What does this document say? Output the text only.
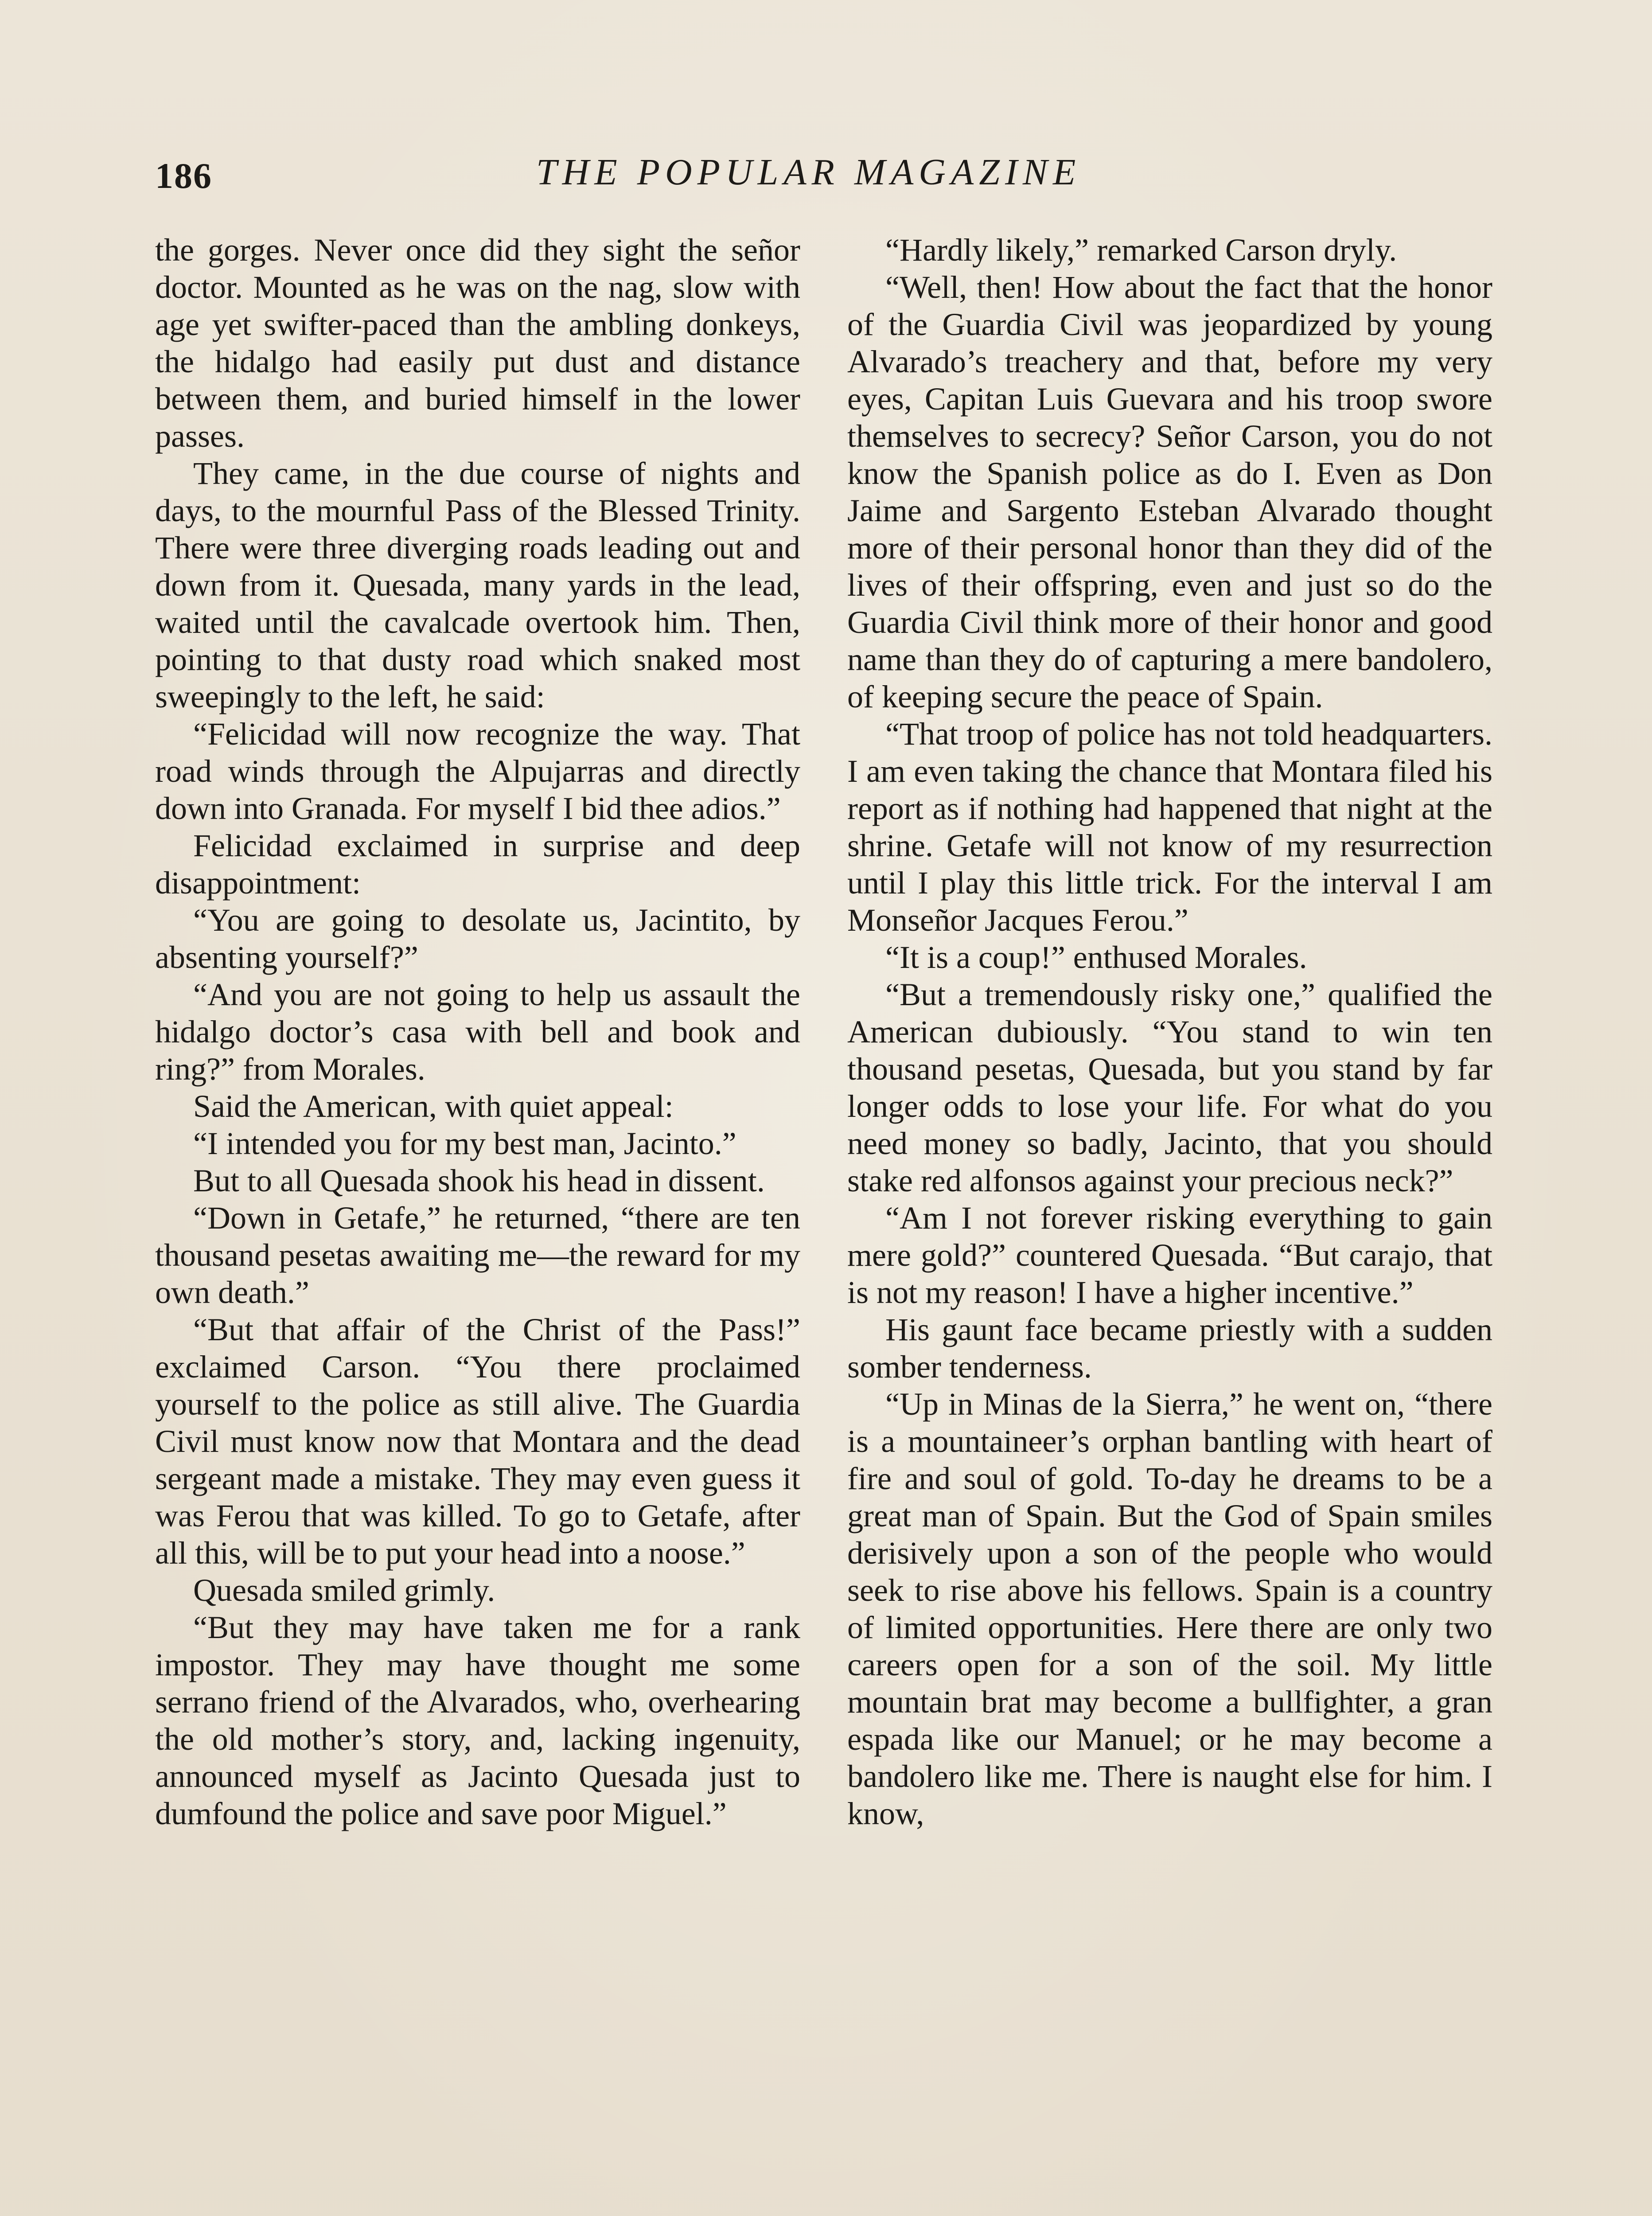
186	THE POPULAR MAGAZINE

the gorges. Never once did they sight the señor doctor. Mounted as he was on the nag, slow with age yet swifter-paced than the ambling donkeys, the hidalgo had easily put dust and distance between them, and buried himself in the lower passes.

They came, in the due course of nights and days, to the mournful Pass of the Blessed Trinity. There were three diverging roads leading out and down from it. Quesada, many yards in the lead, waited until the cavalcade overtook him. Then, pointing to that dusty road which snaked most sweepingly to the left, he said:

“Felicidad will now recognize the way. That road winds through the Alpujarras and directly down into Granada. For myself I bid thee adios.”

Felicidad exclaimed in surprise and deep disappointment:

“You are going to desolate us, Jacintito, by absenting yourself?”

“And you are not going to help us assault the hidalgo doctor’s casa with bell and book and ring?” from Morales.

Said the American, with quiet appeal:

“I intended you for my best man, Jacinto.”

But to all Quesada shook his head in dissent.

“Down in Getafe,” he returned, “there are ten thousand pesetas awaiting me—the reward for my own death.”

“But that affair of the Christ of the Pass!” exclaimed Carson. “You there proclaimed yourself to the police as still alive. The Guardia Civil must know now that Montara and the dead sergeant made a mistake. They may even guess it was Ferou that was killed. To go to Getafe, after all this, will be to put your head into a noose.”

Quesada smiled grimly.

“But they may have taken me for a rank impostor. They may have thought me some serrano friend of the Alvarados, who, overhearing the old mother’s story, and, lacking ingenuity, announced myself as Jacinto Quesada just to dumfound the police and save poor Miguel.”

“Hardly likely,” remarked Carson dryly.

“Well, then! How about the fact that the honor of the Guardia Civil was jeopardized by young Alvarado’s treachery and that, before my very eyes, Capitan Luis Guevara and his troop swore themselves to secrecy? Señor Carson, you do not know the Spanish police as do I. Even as Don Jaime and Sargento Esteban Alvarado thought more of their personal honor than they did of the lives of their offspring, even and just so do the Guardia Civil think more of their honor and good name than they do of capturing a mere bandolero, of keeping secure the peace of Spain.

“That troop of police has not told headquarters. I am even taking the chance that Montara filed his report as if nothing had happened that night at the shrine. Getafe will not know of my resurrection until I play this little trick. For the interval I am Monseñor Jacques Ferou.”

“It is a coup!” enthused Morales.

“But a tremendously risky one,” qualified the American dubiously. “You stand to win ten thousand pesetas, Quesada, but you stand by far longer odds to lose your life. For what do you need money so badly, Jacinto, that you should stake red alfonsos against your precious neck?”

“Am I not forever risking everything to gain mere gold?” countered Quesada. “But carajo, that is not my reason! I have a higher incentive.”

His gaunt face became priestly with a sudden somber tenderness.

“Up in Minas de la Sierra,” he went on, “there is a mountaineer’s orphan bantling with heart of fire and soul of gold. To-day he dreams to be a great man of Spain. But the God of Spain smiles derisively upon a son of the people who would seek to rise above his fellows. Spain is a country of limited opportunities. Here there are only two careers open for a son of the soil. My little mountain brat may become a bullfighter, a gran espada like our Manuel; or he may become a bandolero like me. There is naught else for him. I know,
